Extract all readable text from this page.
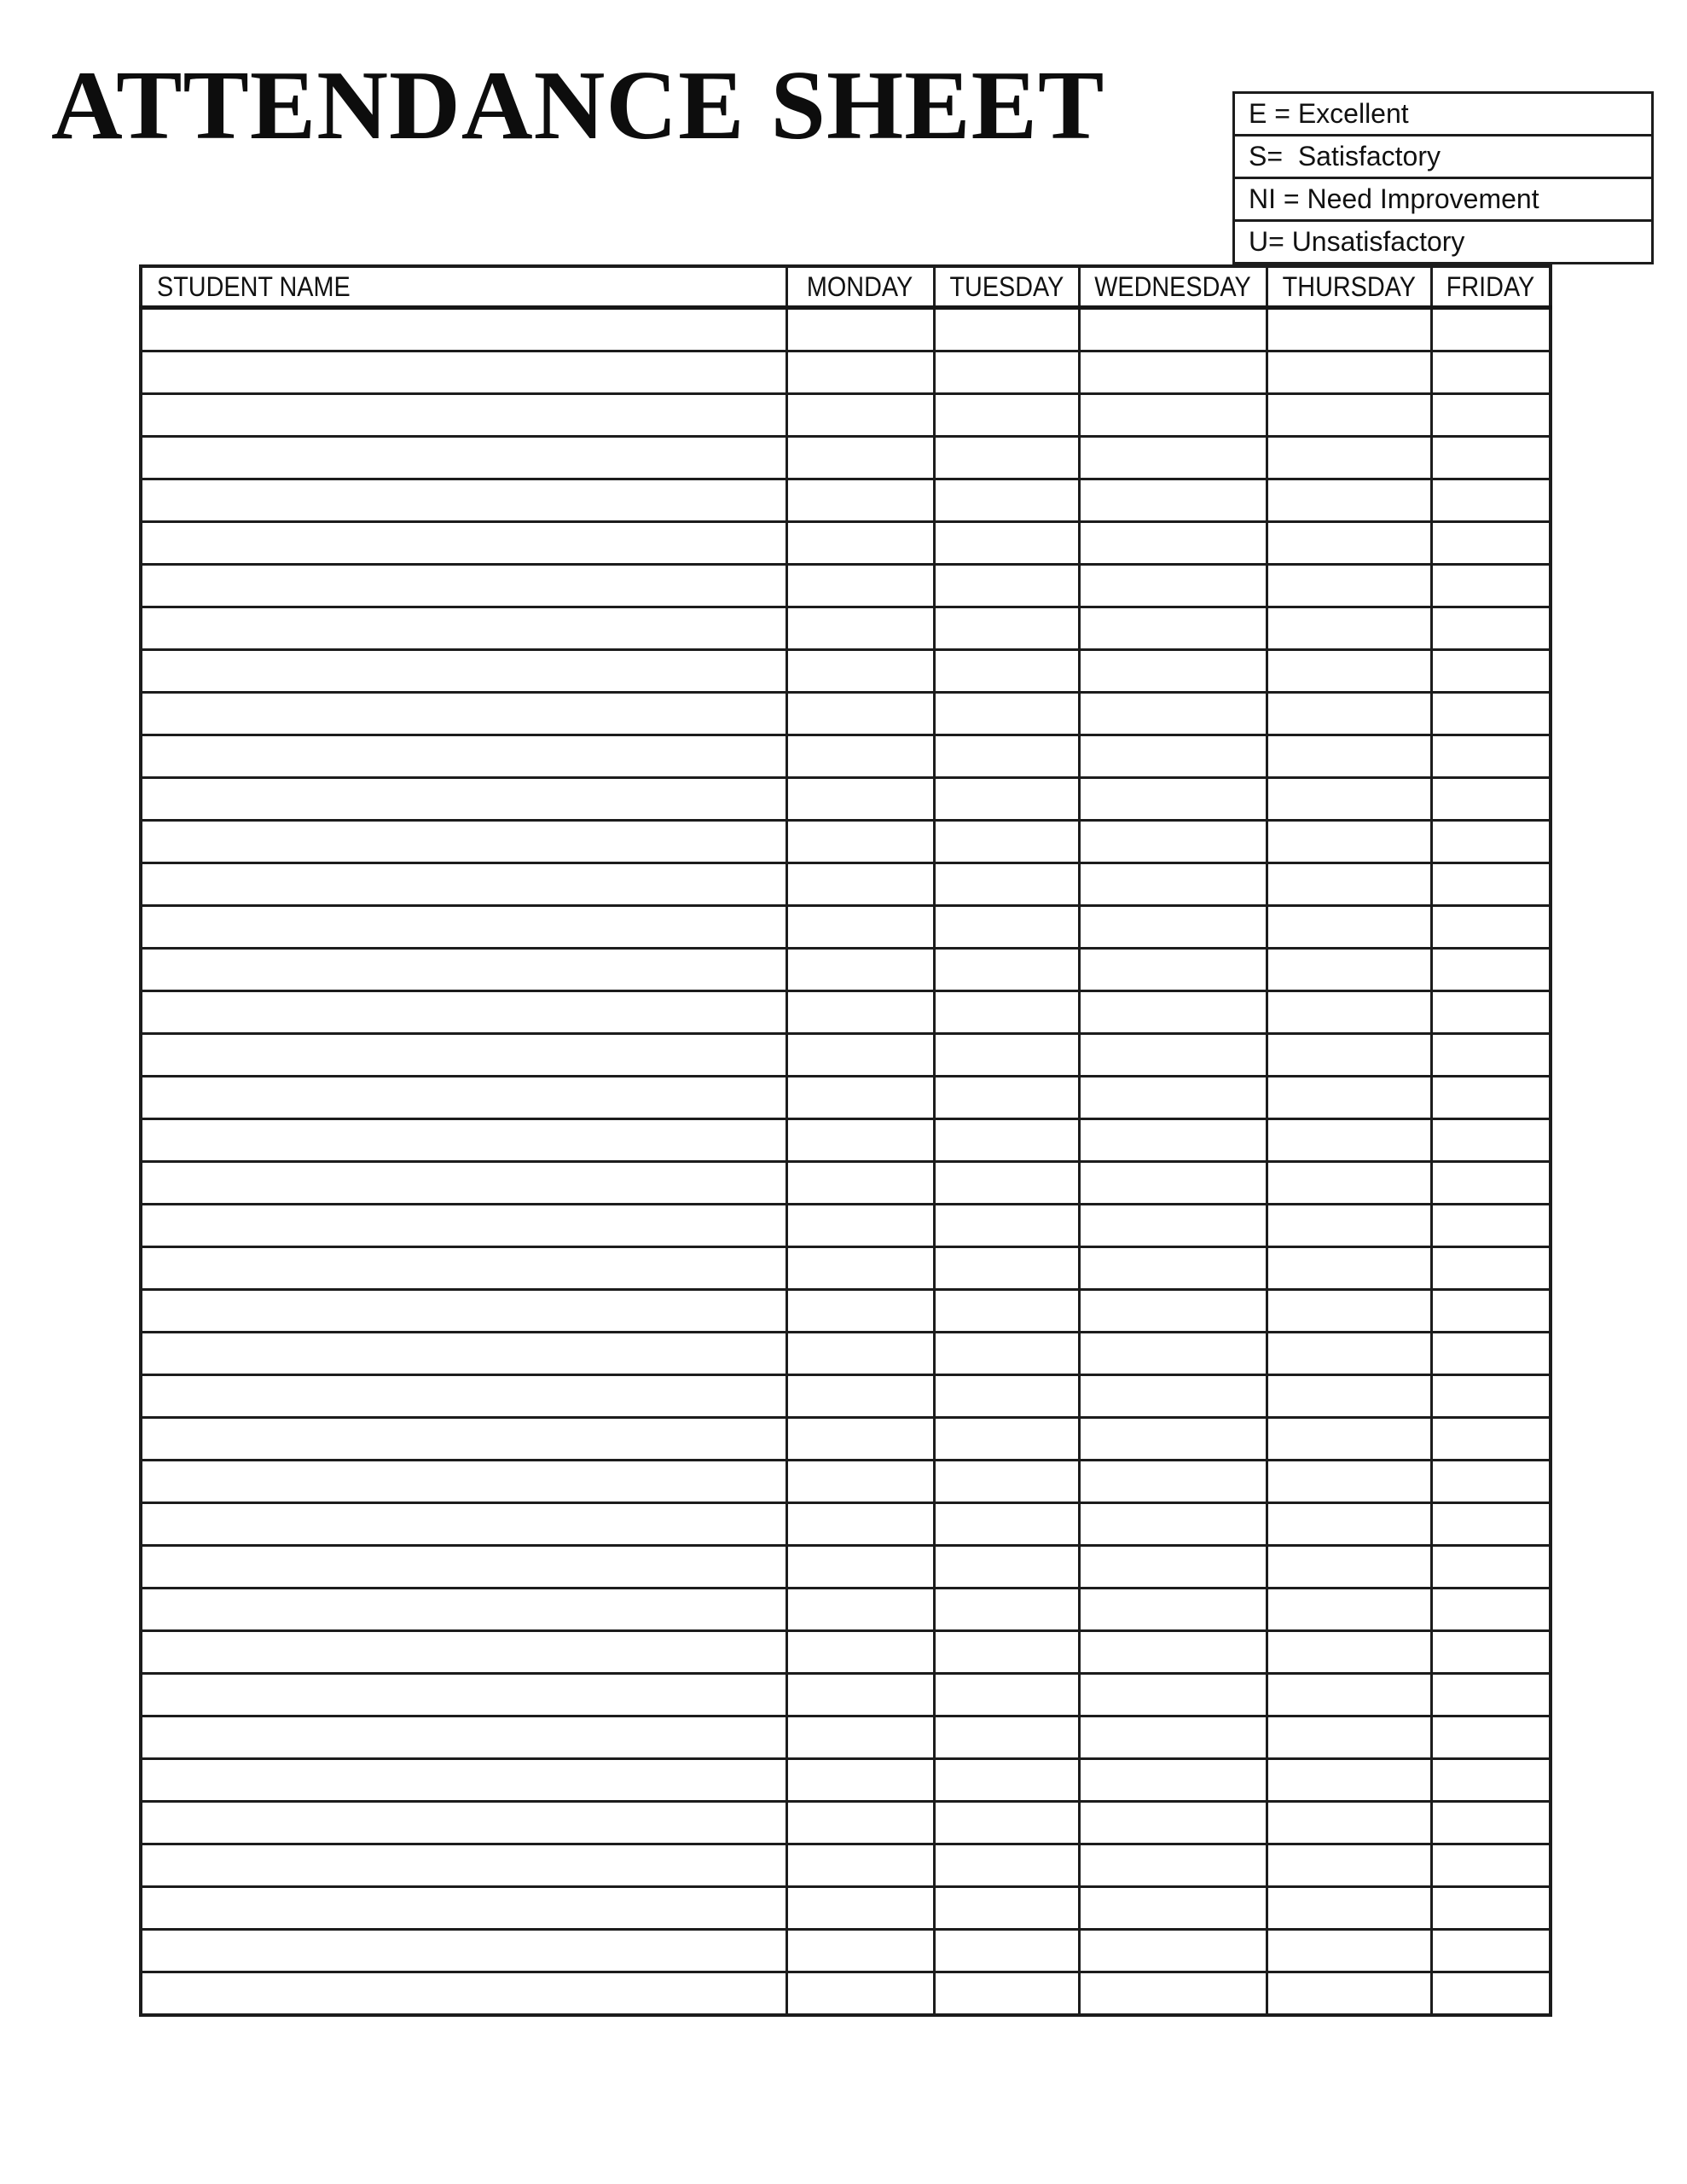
ATTENDANCE SHEET	E = Excellent
S=  Satisfactory
NI = Need Improvement
U= Unsatisfactory
STUDENT NAME	MONDAY	TUESDAY	WEDNESDAY	THURSDAY	FRIDAY
